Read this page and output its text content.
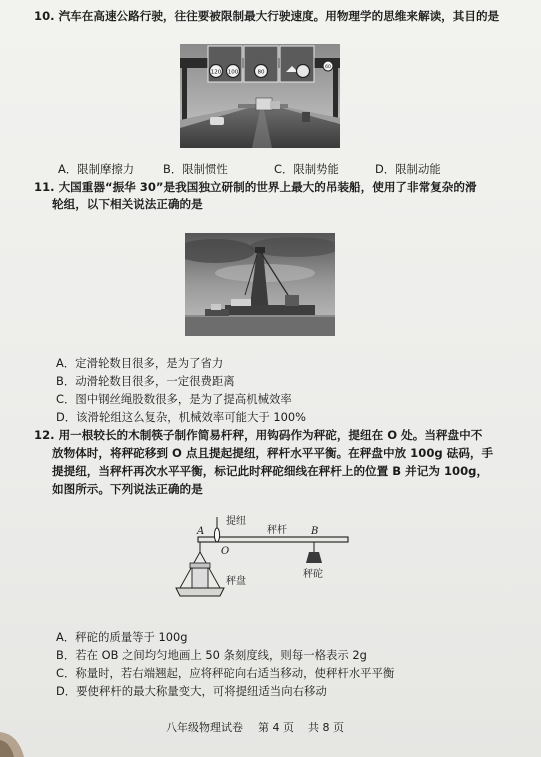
10. 汽车在高速公路行驶，往往要被限制最大行驶速度。用物理学的思维来解读，其目的是
120 100	80
60
A．限制摩擦力	B．限制惯性	C．限制势能	D．限制动能
11. 大国重器“振华 30”是我国独立研制的世界上最大的吊装船，使用了非常复杂的滑
轮组，以下相关说法正确的是
A．定滑轮数目很多，是为了省力
B．动滑轮数目很多，一定很费距离
C．图中钢丝绳股数很多，是为了提高机械效率
D．该滑轮组这么复杂，机械效率可能大于 100%
12. 用一根较长的木制筷子制作简易杆秤，用钩码作为秤砣，提纽在 O 处。当秤盘中不
放物体时，将秤砣移到 O 点且提起提纽，秤杆水平平衡。在秤盘中放 100g 砝码，手
提提纽，当秤杆再次水平平衡，标记此时秤砣细线在秤杆上的位置 B 并记为 100g，
如图所示。下列说法正确的是
提纽
秤杆
A
O
B
秤砣
秤盘
A．秤砣的质量等于 100g
B．若在 OB 之间均匀地画上 50 条刻度线，则每一格表示 2g
C．称量时，若右端翘起，应将秤砣向右适当移动，使秤杆水平平衡
D．要使秤杆的最大称量变大，可将提纽适当向右移动
八年级物理试卷 第 4 页 共 8 页
